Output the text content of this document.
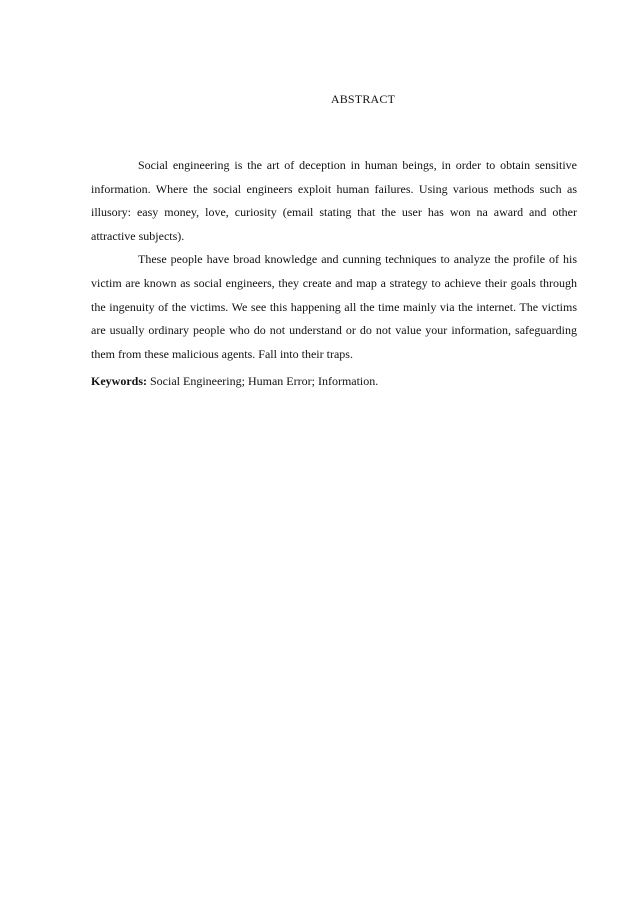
ABSTRACT

Social engineering is the art of deception in human beings, in order to obtain sensitive information. Where the social engineers exploit human failures. Using various methods such as illusory: easy money, love, curiosity (email stating that the user has won na award and other attractive subjects).

These people have broad knowledge and cunning techniques to analyze the profile of his victim are known as social engineers, they create and map a strategy to achieve their goals through the ingenuity of the victims. We see this happening all the time mainly via the internet. The victims are usually ordinary people who do not understand or do not value your information, safeguarding them from these malicious agents. Fall into their traps.

Keywords: Social Engineering; Human Error; Information.
